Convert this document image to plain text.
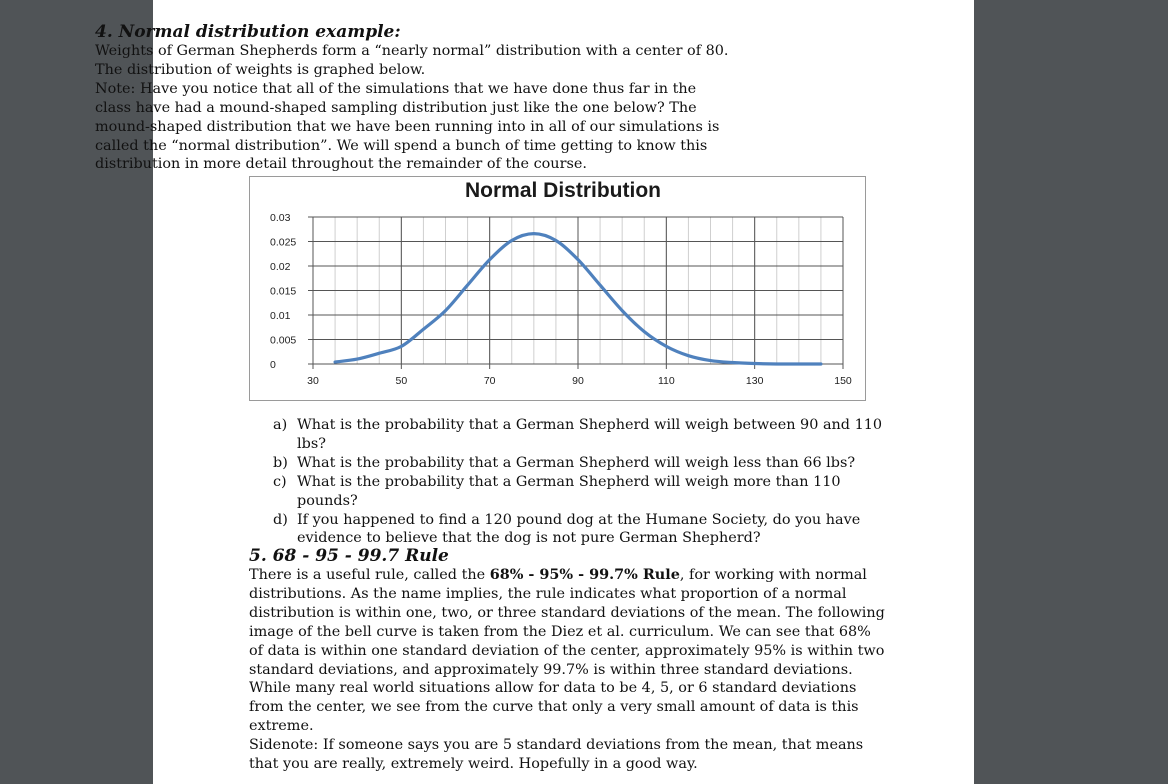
4. Normal distribution example:

Weights of German Shepherds form a “nearly normal” distribution with a center of 80. The distribution of weights is graphed below.

Note: Have you notice that all of the simulations that we have done thus far in the class have had a mound-shaped sampling distribution just like the one below? The mound-shaped distribution that we have been running into in all of our simulations is called the “normal distribution”. We will spend a bunch of time getting to know this distribution in more detail throughout the remainder of the course.

Normal Distribution
0
0.005
0.01
0.015
0.02
0.025
0.03
30	50	70	90	110	130	150
a) What is the probability that a German Shepherd will weigh between 90 and 110 lbs?
b) What is the probability that a German Shepherd will weigh less than 66 lbs?
c) What is the probability that a German Shepherd will weigh more than 110 pounds?
d) If you happened to find a 120 pound dog at the Humane Society, do you have evidence to believe that the dog is not pure German Shepherd?

5. 68 - 95 - 99.7 Rule

There is a useful rule, called the 68% - 95% - 99.7% Rule, for working with normal distributions. As the name implies, the rule indicates what proportion of a normal distribution is within one, two, or three standard deviations of the mean. The following image of the bell curve is taken from the Diez et al. curriculum. We can see that 68% of data is within one standard deviation of the center, approximately 95% is within two standard deviations, and approximately 99.7% is within three standard deviations. While many real world situations allow for data to be 4, 5, or 6 standard deviations from the center, we see from the curve that only a very small amount of data is this extreme.

Sidenote: If someone says you are 5 standard deviations from the mean, that means that you are really, extremely weird. Hopefully in a good way.
